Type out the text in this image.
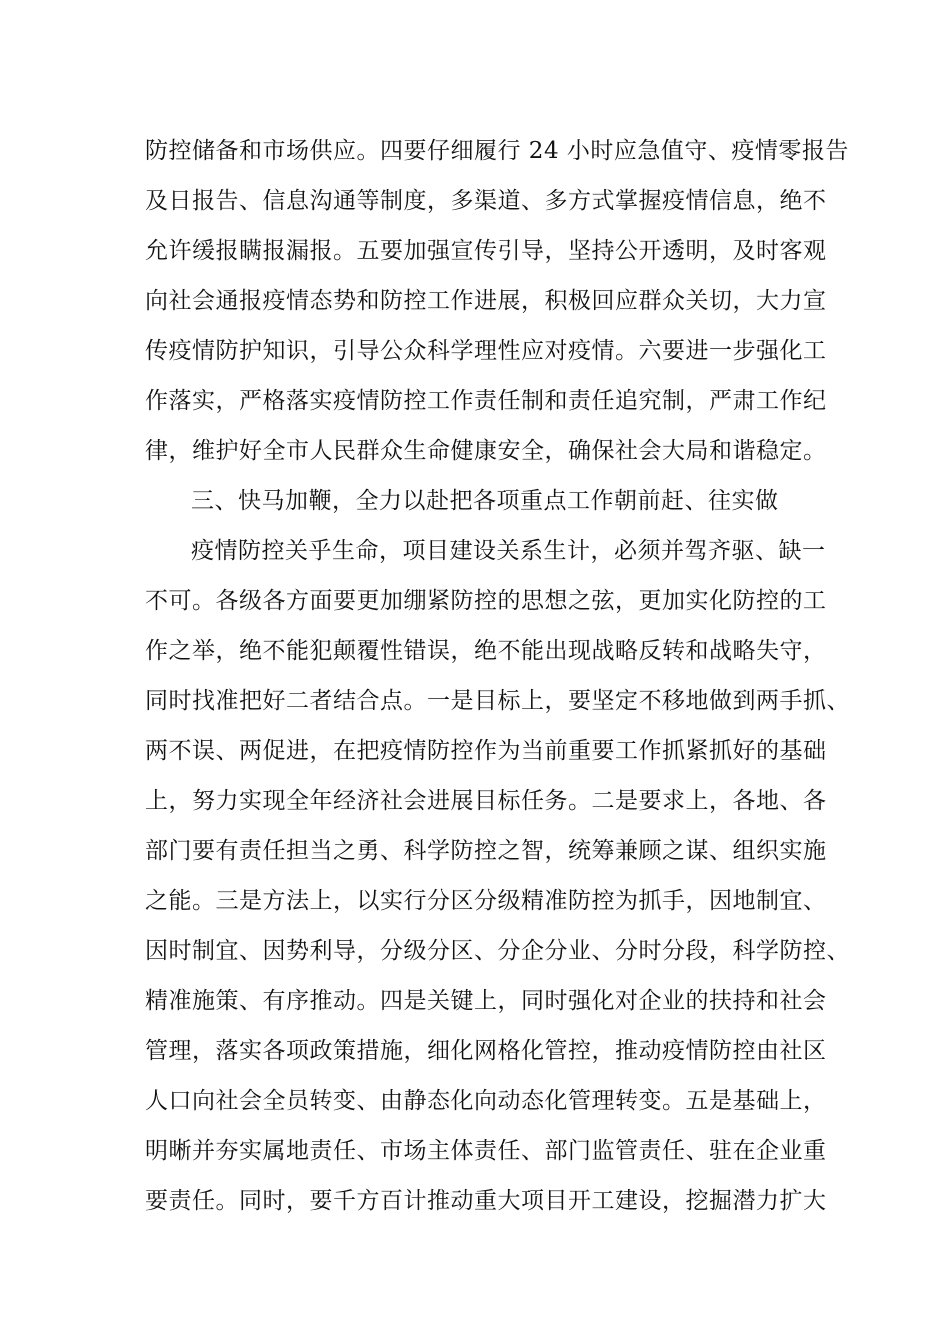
防控储备和市场供应。四要仔细履行 24 小时应急值守、疫情零报告
及日报告、信息沟通等制度，多渠道、多方式掌握疫情信息，绝不
允许缓报瞒报漏报。五要加强宣传引导，坚持公开透明，及时客观
向社会通报疫情态势和防控工作进展，积极回应群众关切，大力宣
传疫情防护知识，引导公众科学理性应对疫情。六要进一步强化工
作落实，严格落实疫情防控工作责任制和责任追究制，严肃工作纪
律，维护好全市人民群众生命健康安全，确保社会大局和谐稳定。
三、快马加鞭，全力以赴把各项重点工作朝前赶、往实做
疫情防控关乎生命，项目建设关系生计，必须并驾齐驱、缺一
不可。各级各方面要更加绷紧防控的思想之弦，更加实化防控的工
作之举，绝不能犯颠覆性错误，绝不能出现战略反转和战略失守，
同时找准把好二者结合点。一是目标上，要坚定不移地做到两手抓、
两不误、两促进，在把疫情防控作为当前重要工作抓紧抓好的基础
上，努力实现全年经济社会进展目标任务。二是要求上，各地、各
部门要有责任担当之勇、科学防控之智，统筹兼顾之谋、组织实施
之能。三是方法上，以实行分区分级精准防控为抓手，因地制宜、
因时制宜、因势利导，分级分区、分企分业、分时分段，科学防控、
精准施策、有序推动。四是关键上，同时强化对企业的扶持和社会
管理，落实各项政策措施，细化网格化管控，推动疫情防控由社区
人口向社会全员转变、由静态化向动态化管理转变。五是基础上，
明晰并夯实属地责任、市场主体责任、部门监管责任、驻在企业重
要责任。同时，要千方百计推动重大项目开工建设，挖掘潜力扩大
